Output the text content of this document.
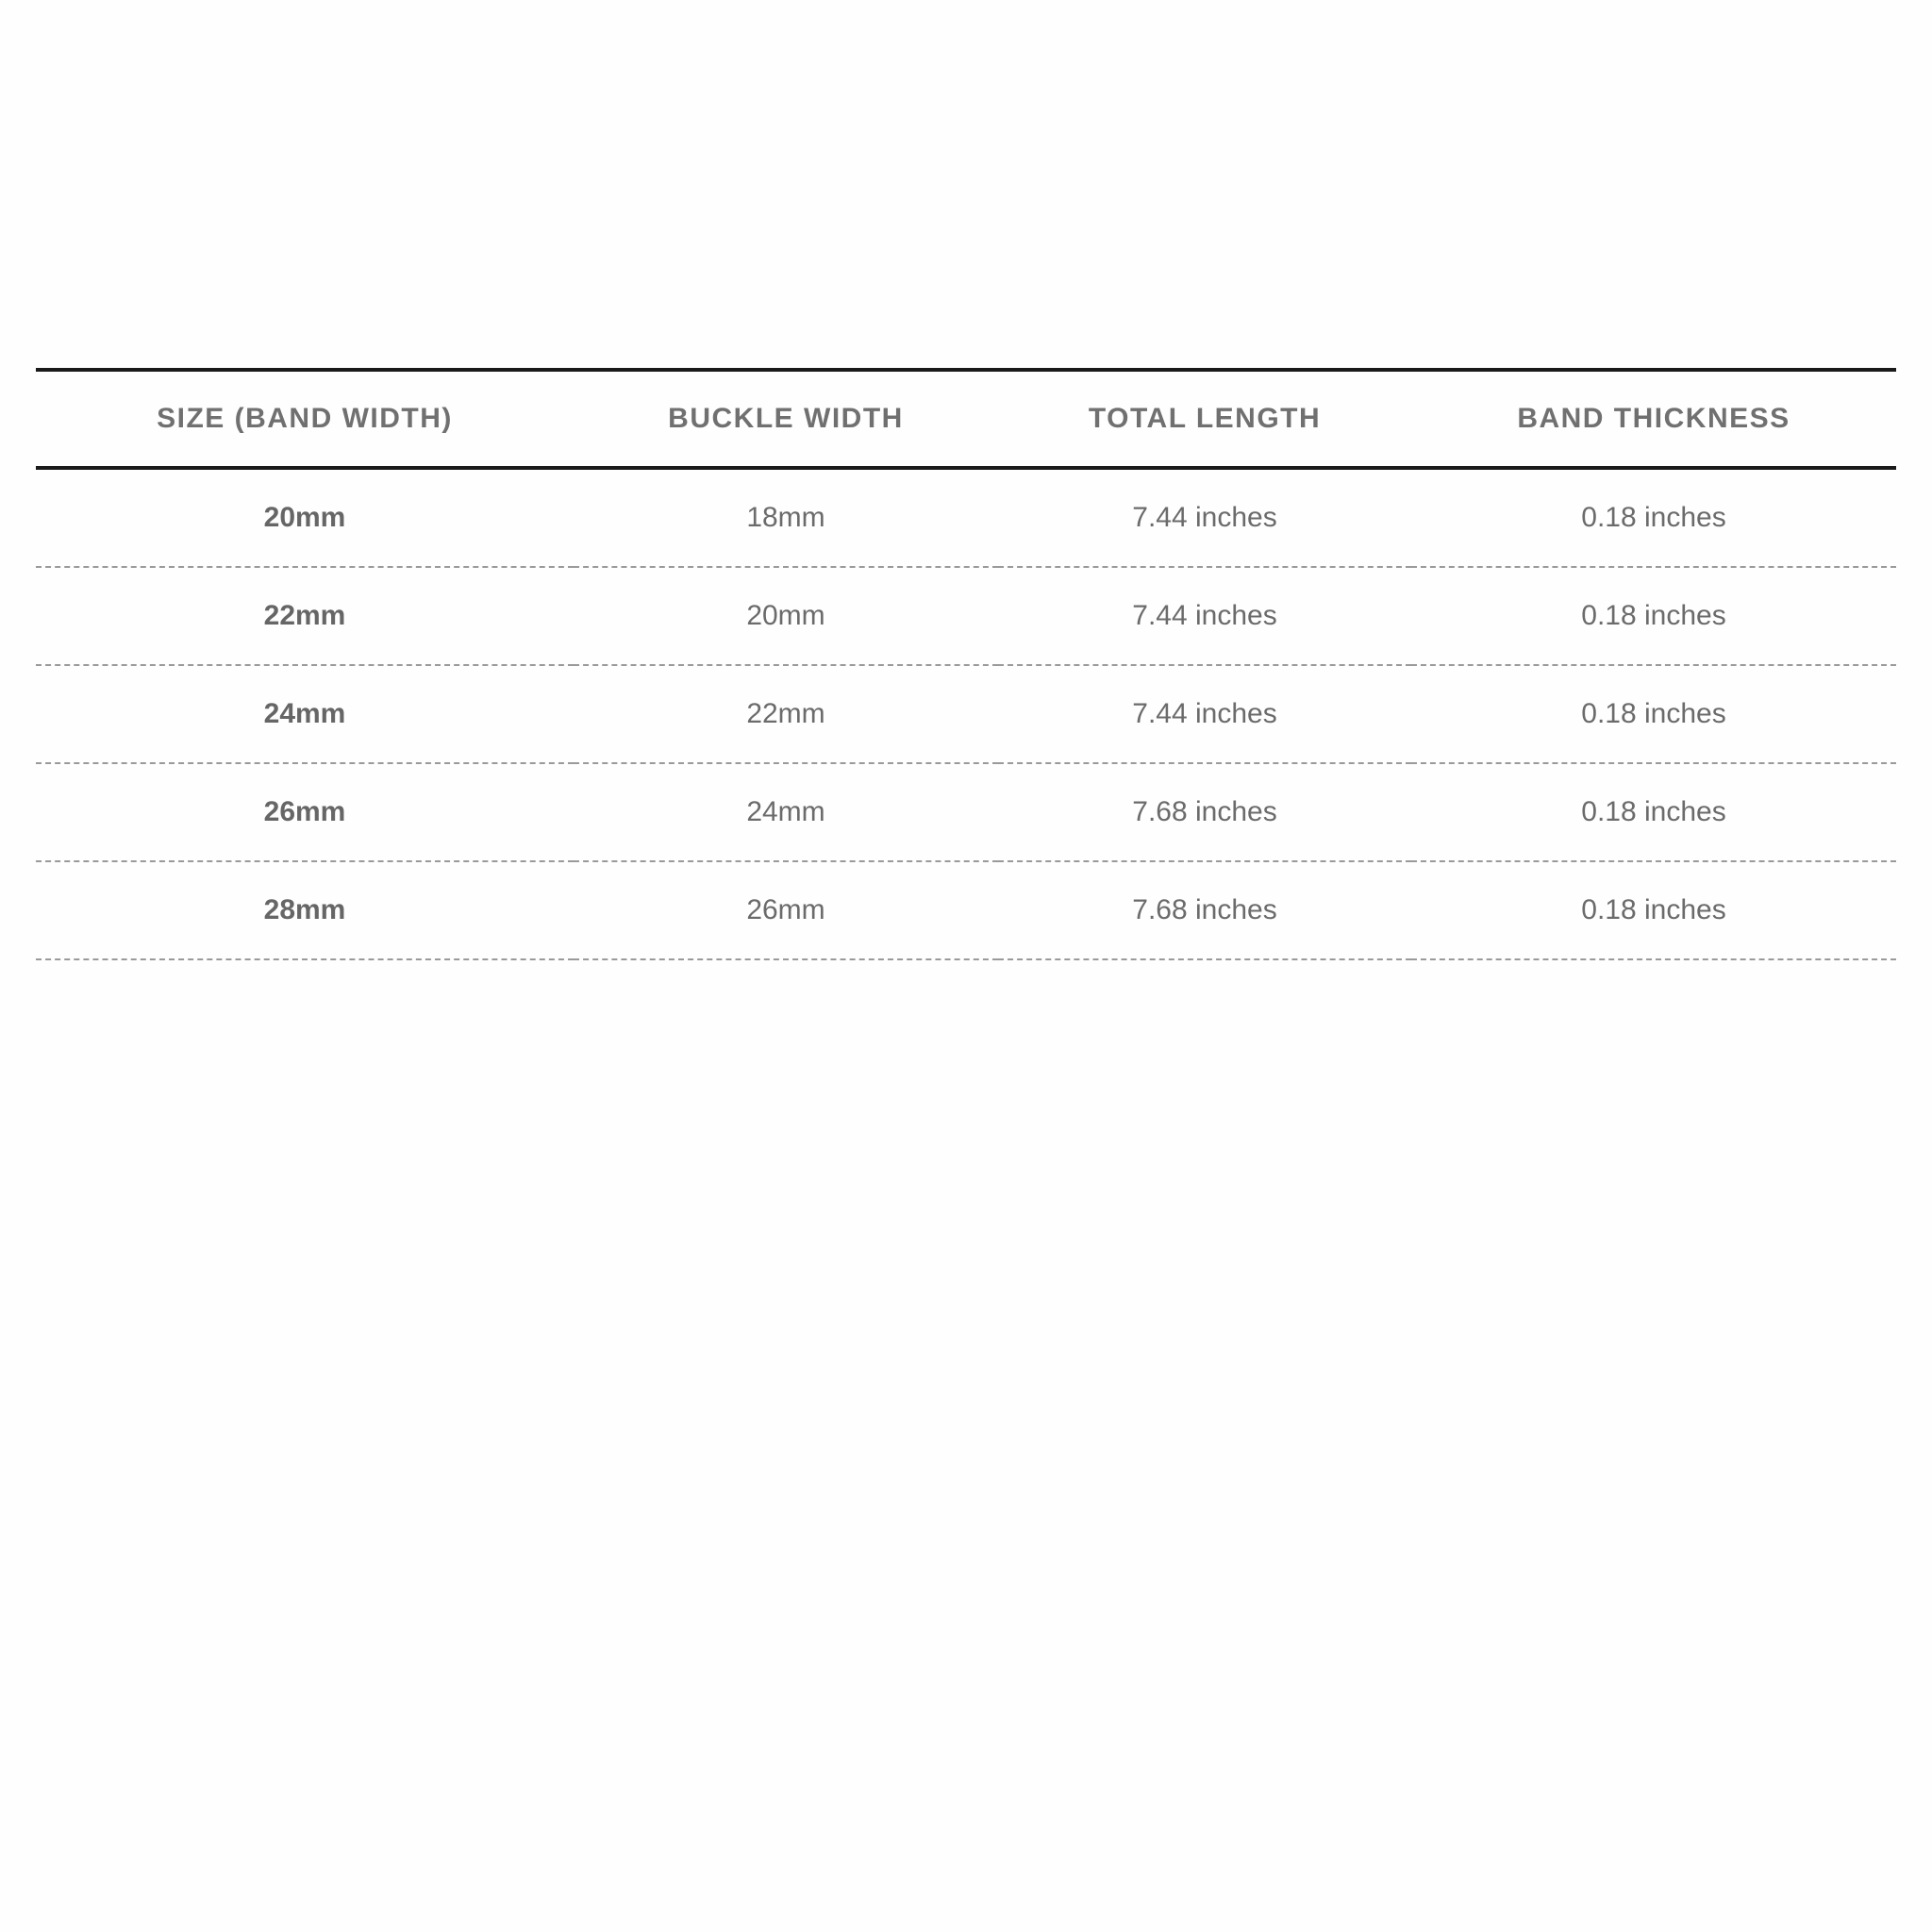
SIZE (BAND WIDTH)	BUCKLE WIDTH	TOTAL LENGTH	BAND THICKNESS
20mm	18mm	7.44 inches	0.18 inches
22mm	20mm	7.44 inches	0.18 inches
24mm	22mm	7.44 inches	0.18 inches
26mm	24mm	7.68 inches	0.18 inches
28mm	26mm	7.68 inches	0.18 inches
